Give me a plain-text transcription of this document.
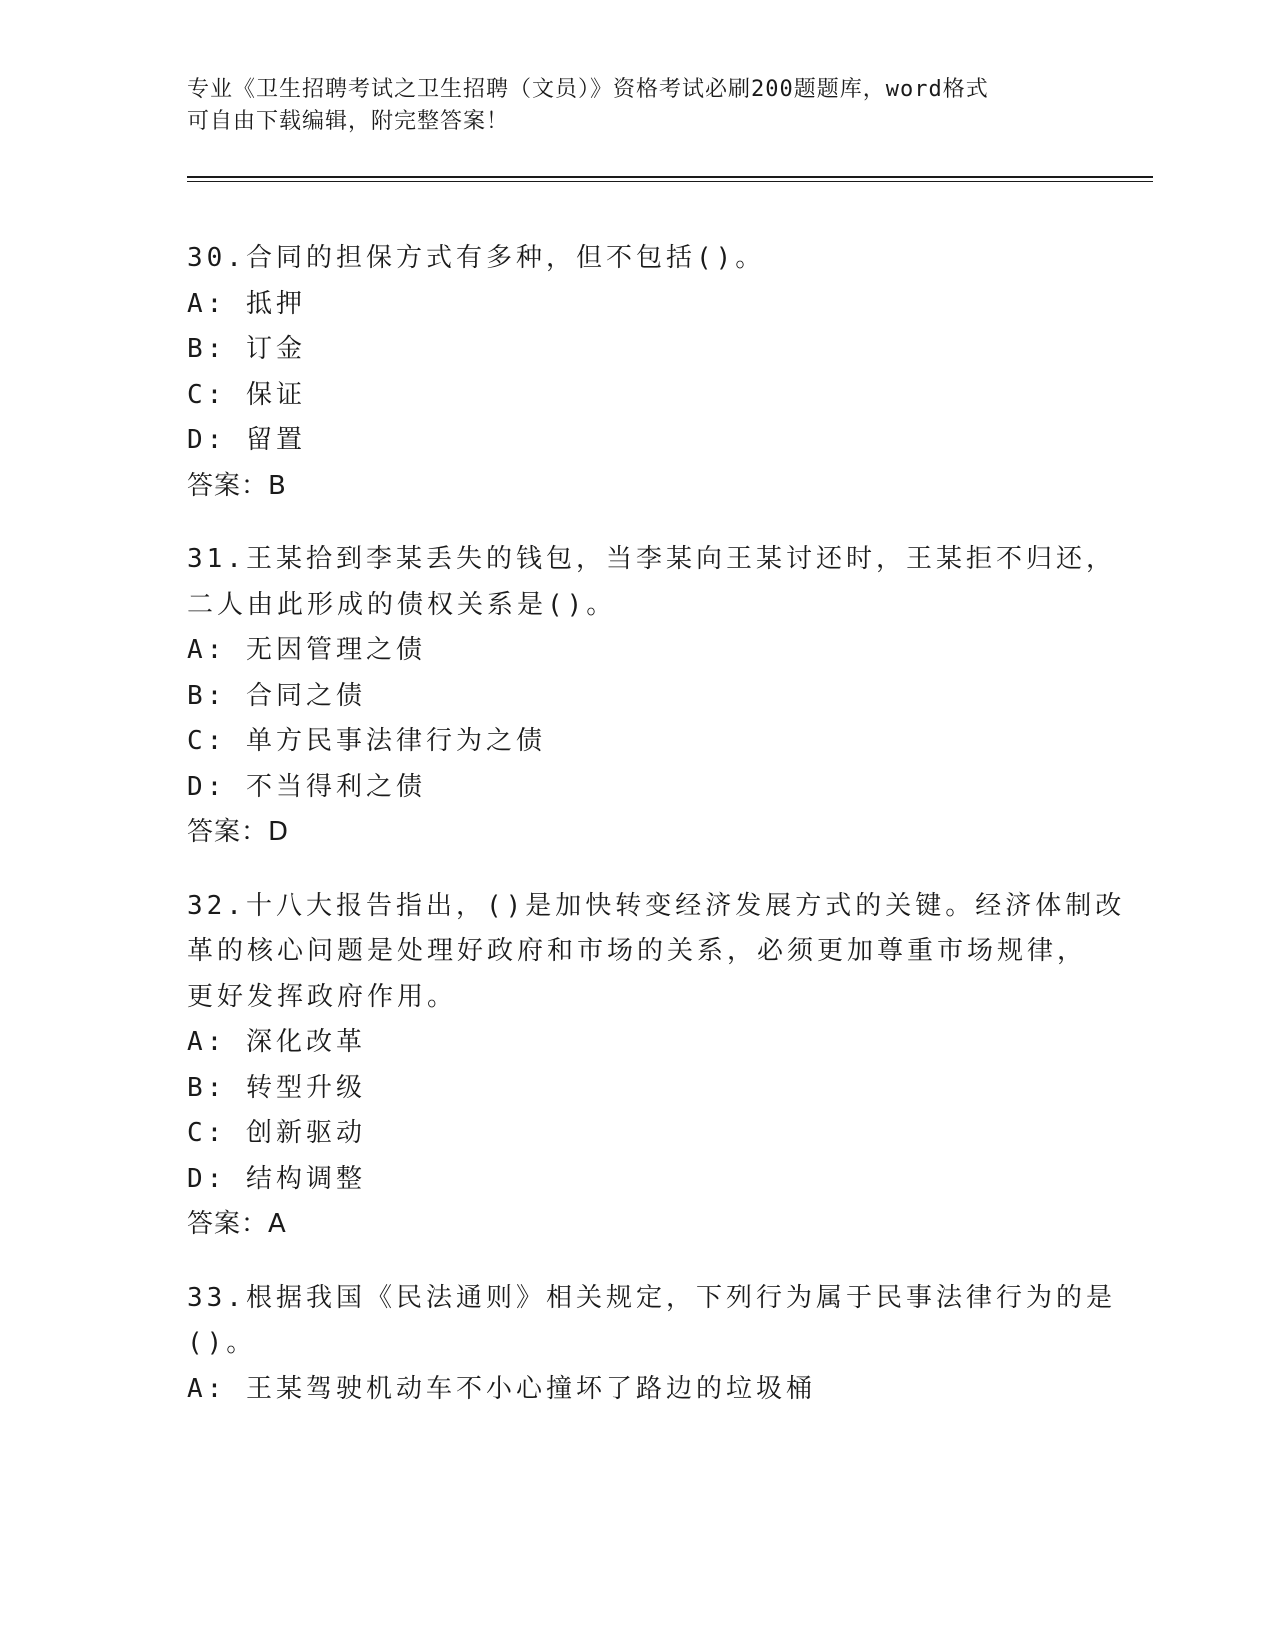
专业《卫生招聘考试之卫生招聘（文员）》资格考试必刷200题题库，word格式
可自由下载编辑，附完整答案！
30.合同的担保方式有多种，但不包括()。
A: 抵押
B: 订金
C: 保证
D: 留置
答案：B
31.王某拾到李某丢失的钱包，当李某向王某讨还时，王某拒不归还，
二人由此形成的债权关系是()。
A: 无因管理之债
B: 合同之债
C: 单方民事法律行为之债
D: 不当得利之债
答案：D
32.十八大报告指出，()是加快转变经济发展方式的关键。经济体制改
革的核心问题是处理好政府和市场的关系，必须更加尊重市场规律，
更好发挥政府作用。
A: 深化改革
B: 转型升级
C: 创新驱动
D: 结构调整
答案：A
33.根据我国《民法通则》相关规定，下列行为属于民事法律行为的是
()。
A: 王某驾驶机动车不小心撞坏了路边的垃圾桶
